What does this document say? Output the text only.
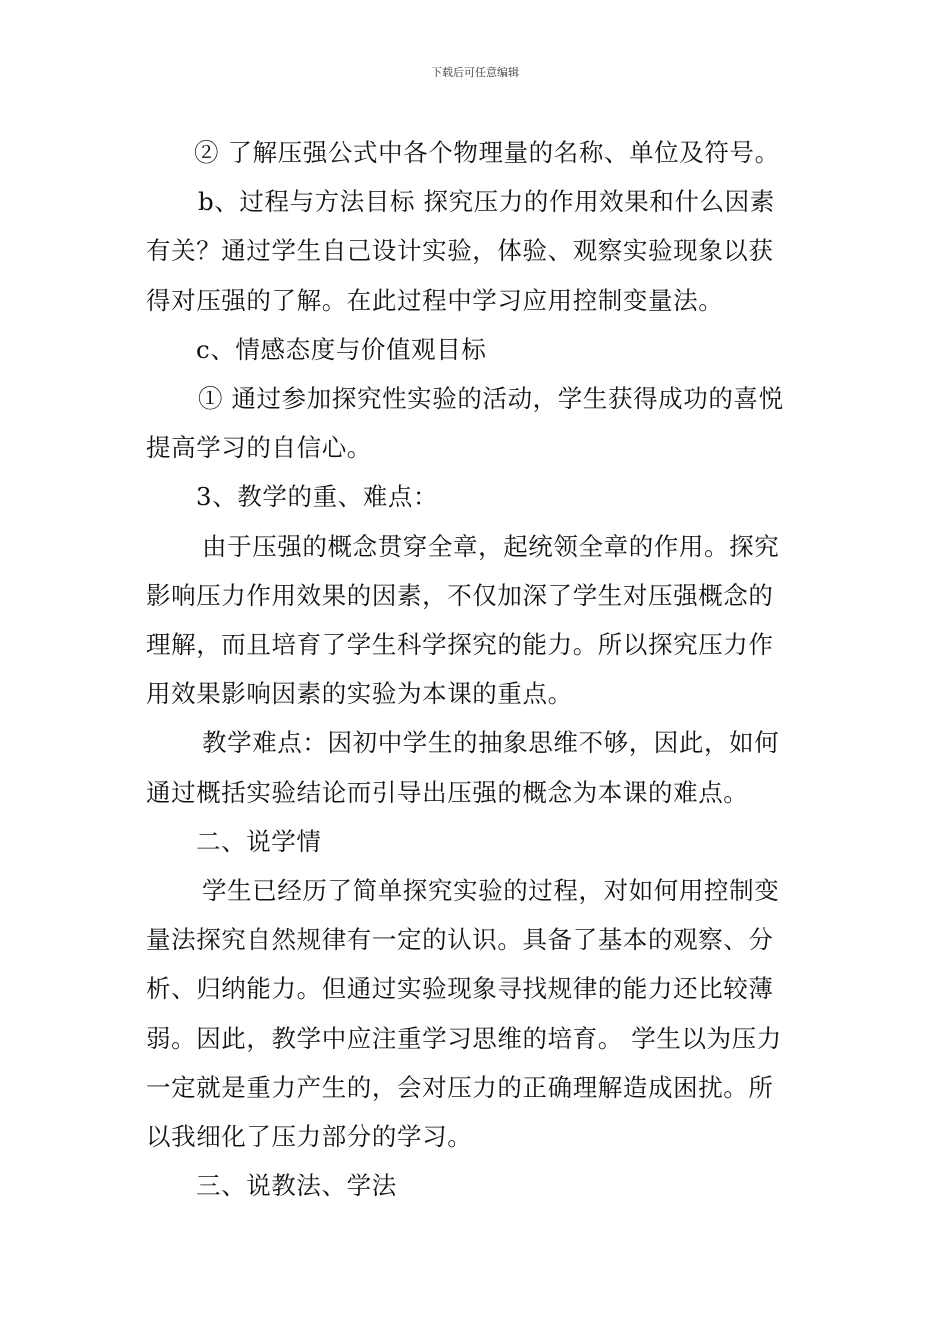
下载后可任意编辑

② 了解压强公式中各个物理量的名称、单位及符号。

b、过程与方法目标 探究压力的作用效果和什么因素

有关？通过学生自己设计实验，体验、观察实验现象以获

得对压强的了解。在此过程中学习应用控制变量法。

c、情感态度与价值观目标

① 通过参加探究性实验的活动，学生获得成功的喜悦

提高学习的自信心。

3、教学的重、难点：

由于压强的概念贯穿全章，起统领全章的作用。探究

影响压力作用效果的因素，不仅加深了学生对压强概念的

理解，而且培育了学生科学探究的能力。所以探究压力作

用效果影响因素的实验为本课的重点。

教学难点：因初中学生的抽象思维不够，因此，如何

通过概括实验结论而引导出压强的概念为本课的难点。

二、说学情

学生已经历了简单探究实验的过程，对如何用控制变

量法探究自然规律有一定的认识。具备了基本的观察、分

析、归纳能力。但通过实验现象寻找规律的能力还比较薄

弱。因此，教学中应注重学习思维的培育。 学生以为压力

一定就是重力产生的，会对压力的正确理解造成困扰。所

以我细化了压力部分的学习。

三、说教法、学法
